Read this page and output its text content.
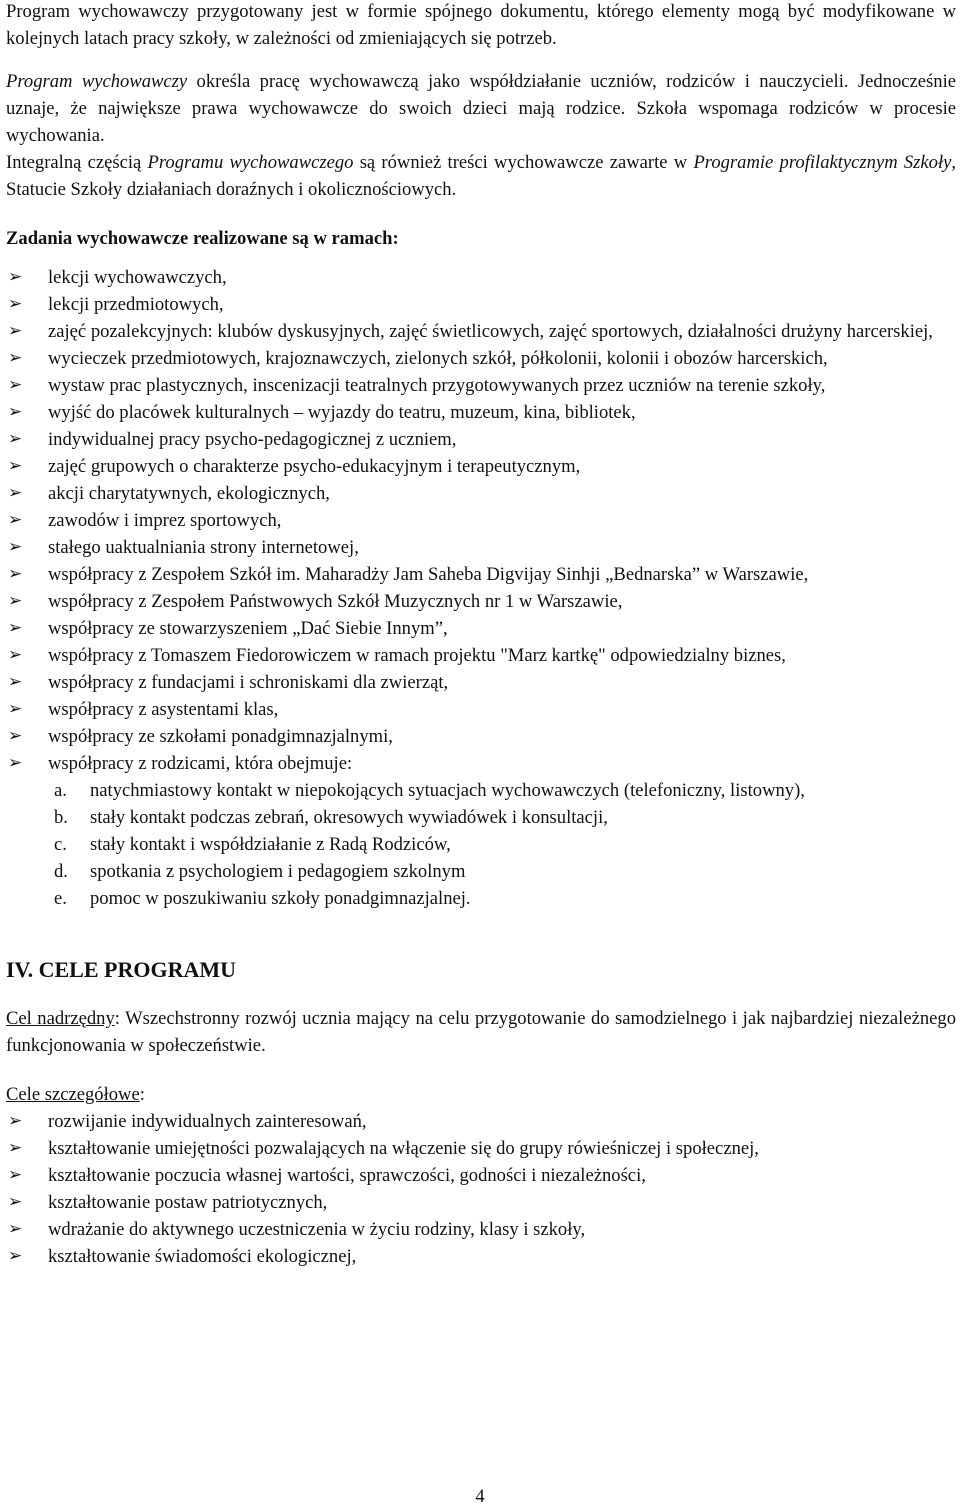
Program wychowawczy przygotowany jest w formie spójnego dokumentu, którego elementy mogą być modyfikowane w kolejnych latach pracy szkoły, w zależności od zmieniających się potrzeb.

Program wychowawczy określa pracę wychowawczą jako współdziałanie uczniów, rodziców i nauczycieli. Jednocześnie uznaje, że największe prawa wychowawcze do swoich dzieci mają rodzice. Szkoła wspomaga rodziców w procesie wychowania.

Integralną częścią Programu wychowawczego są również treści wychowawcze zawarte w Programie profilaktycznym Szkoły, Statucie Szkoły działaniach doraźnych i okolicznościowych.

Zadania wychowawcze realizowane są w ramach:

➢ lekcji wychowawczych,
➢ lekcji przedmiotowych,
➢ zajęć pozalekcyjnych: klubów dyskusyjnych, zajęć świetlicowych, zajęć sportowych, działalności drużyny harcerskiej,
➢ wycieczek przedmiotowych, krajoznawczych, zielonych szkół, półkolonii, kolonii i obozów harcerskich,
➢ wystaw prac plastycznych, inscenizacji teatralnych przygotowywanych przez uczniów na terenie szkoły,
➢ wyjść do placówek kulturalnych – wyjazdy do teatru, muzeum, kina, bibliotek,
➢ indywidualnej pracy psycho-pedagogicznej z uczniem,
➢ zajęć grupowych o charakterze psycho-edukacyjnym i terapeutycznym,
➢ akcji charytatywnych, ekologicznych,
➢ zawodów i imprez sportowych,
➢ stałego uaktualniania strony internetowej,
➢ współpracy z Zespołem Szkół im. Maharadży Jam Saheba Digvijay Sinhji „Bednarska” w Warszawie,
➢ współpracy z Zespołem Państwowych Szkół Muzycznych nr 1 w Warszawie,
➢ współpracy ze stowarzyszeniem „Dać Siebie Innym”,
➢ współpracy z Tomaszem Fiedorowiczem w ramach projektu "Marz kartkę" odpowiedzialny biznes,
➢ współpracy z fundacjami i schroniskami dla zwierząt,
➢ współpracy z asystentami klas,
➢ współpracy ze szkołami ponadgimnazjalnymi,
➢ współpracy z rodzicami, która obejmuje:
a. natychmiastowy kontakt w niepokojących sytuacjach wychowawczych (telefoniczny, listowny),
b. stały kontakt podczas zebrań, okresowych wywiadówek i konsultacji,
c. stały kontakt i współdziałanie z Radą Rodziców,
d. spotkania z psychologiem i pedagogiem szkolnym
e. pomoc w poszukiwaniu szkoły ponadgimnazjalnej.
IV. CELE PROGRAMU

Cel nadrzędny: Wszechstronny rozwój ucznia mający na celu przygotowanie do samodzielnego i jak najbardziej niezależnego funkcjonowania w społeczeństwie.

Cele szczegółowe:

➢ rozwijanie indywidualnych zainteresowań,
➢ kształtowanie umiejętności pozwalających na włączenie się do grupy rówieśniczej i społecznej,
➢ kształtowanie poczucia własnej wartości, sprawczości, godności i niezależności,
➢ kształtowanie postaw patriotycznych,
➢ wdrażanie do aktywnego uczestniczenia w życiu rodziny, klasy i szkoły,
➢ kształtowanie świadomości ekologicznej,
4
